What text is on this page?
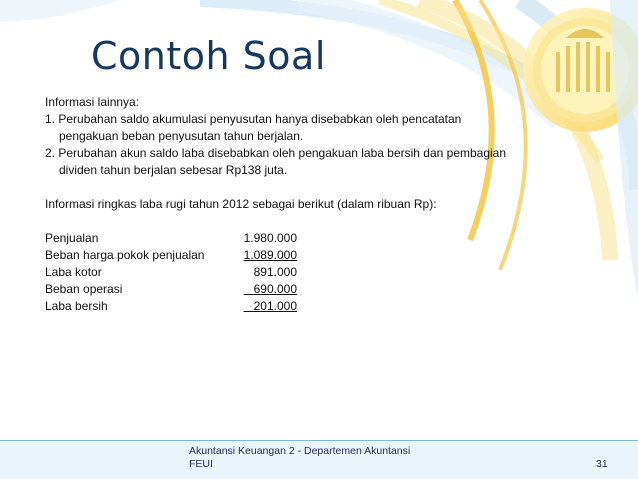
Contoh Soal
Informasi lainnya:
1. Perubahan saldo akumulasi penyusutan hanya disebabkan oleh pencatatan
pengakuan beban penyusutan tahun berjalan.
2. Perubahan akun saldo laba disebabkan oleh pengakuan laba bersih dan pembagian
dividen tahun berjalan sebesar Rp138 juta.
Informasi ringkas laba rugi tahun 2012 sebagai berikut (dalam ribuan Rp):
Penjualan	1.980.000
Beban harga pokok penjualan	1.089.000
Laba kotor	891.000
Beban operasi	690.000
Laba bersih	201.000
Akuntansi Keuangan 2 - Departemen Akuntansi
FEUI	31
